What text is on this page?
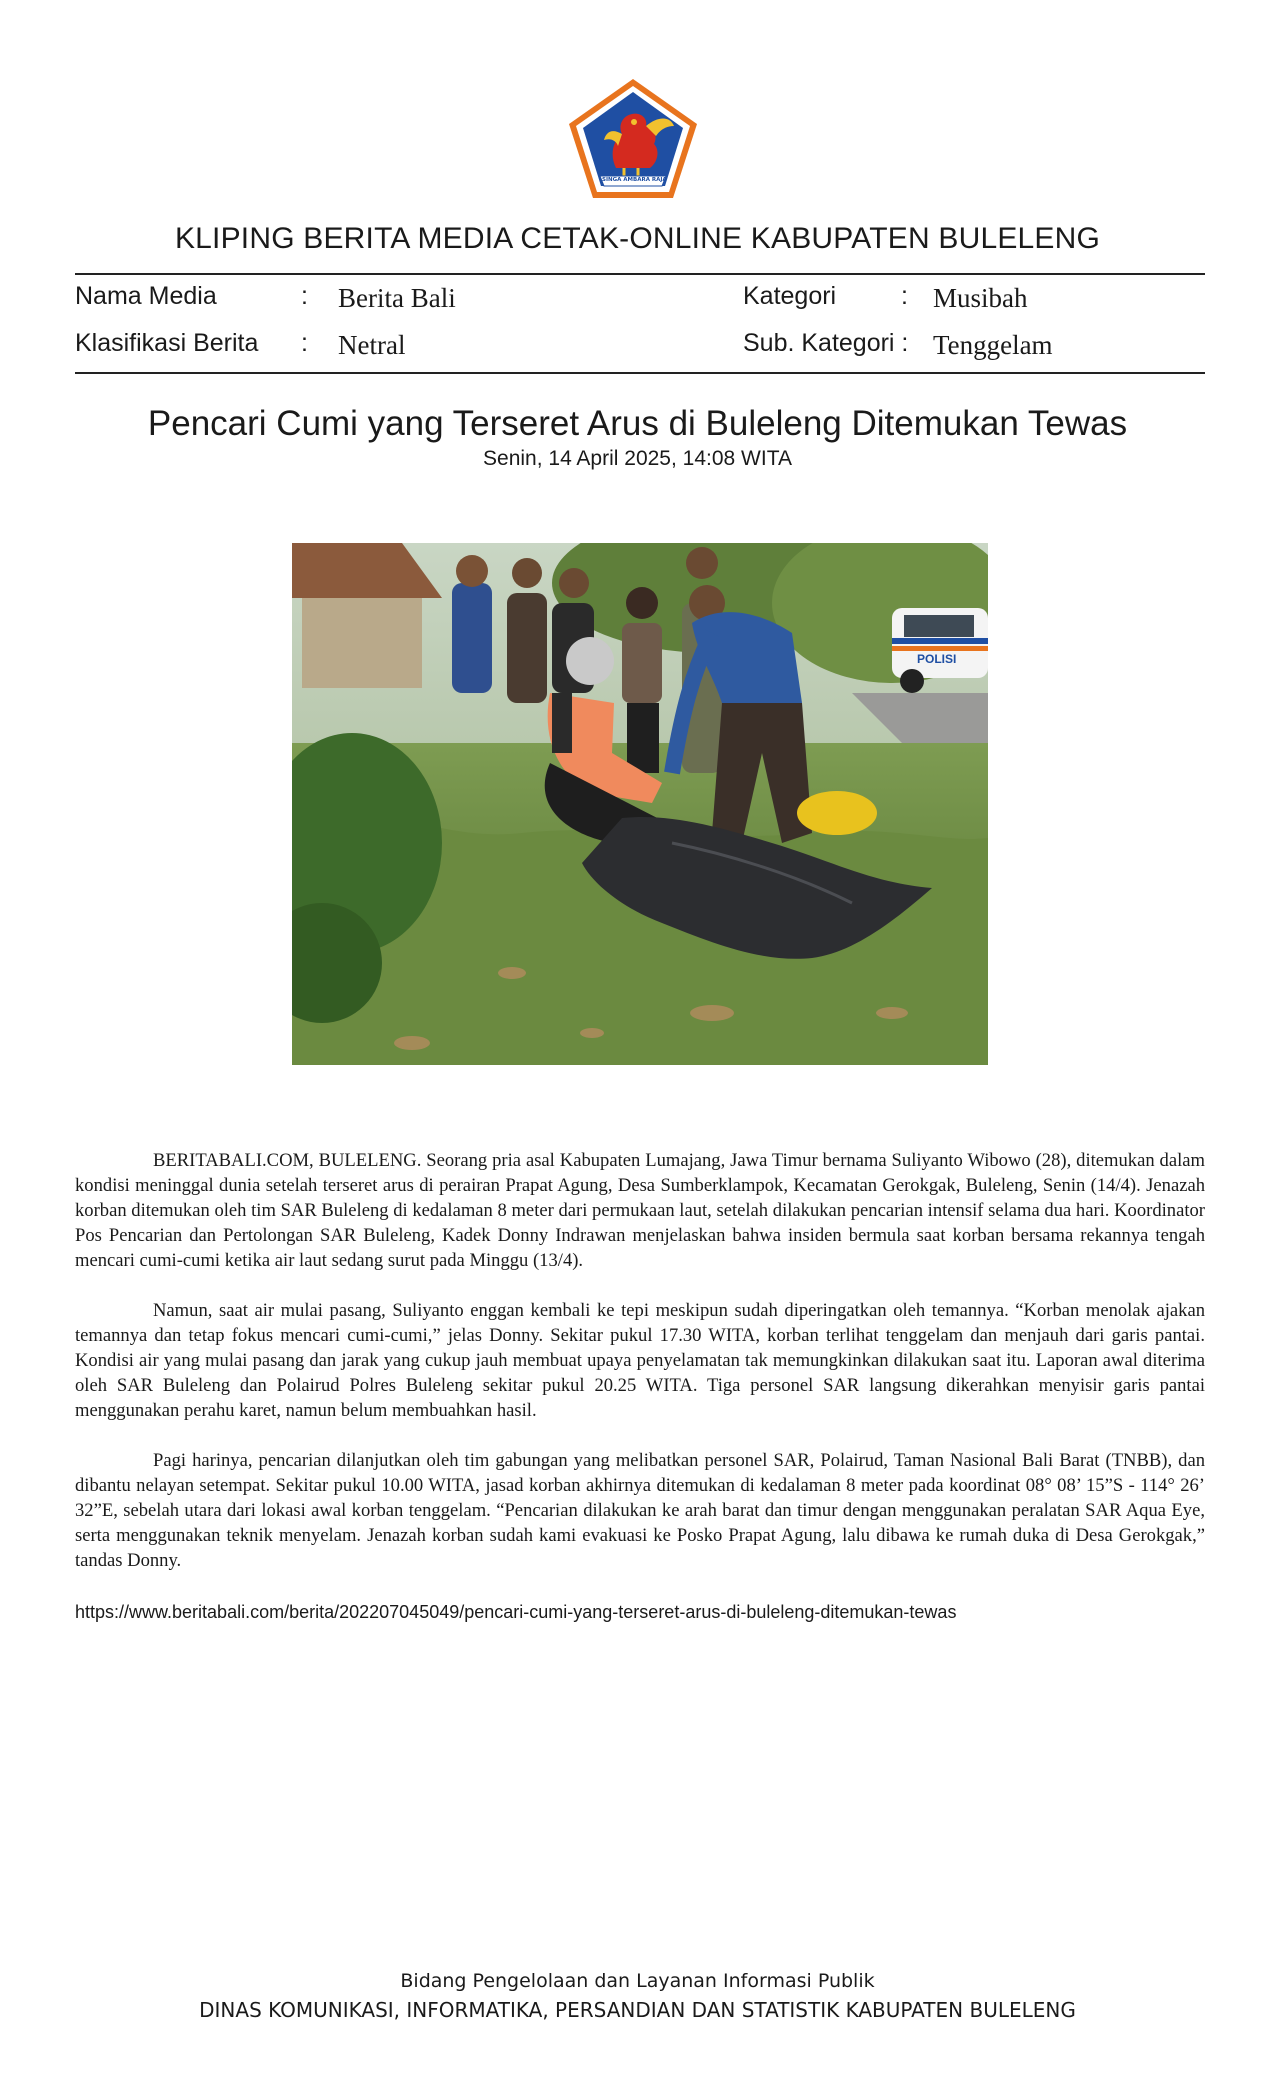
SINGA AMBARA RAJA
KLIPING BERITA MEDIA CETAK-ONLINE KABUPATEN BULELENG
Nama Media	: Berita Bali	Kategori	: Musibah
Klasifikasi Berita : Netral	Sub. Kategori : Tenggelam
Pencari Cumi yang Terseret Arus di Buleleng Ditemukan Tewas
Senin, 14 April 2025, 14:08 WITA
POLISI

BERITABALI.COM, BULELENG. Seorang pria asal Kabupaten Lumajang, Jawa Timur bernama Suliyanto Wibowo (28), ditemukan dalam kondisi meninggal dunia setelah terseret arus di perairan Prapat Agung, Desa Sumberklampok, Kecamatan Gerokgak, Buleleng, Senin (14/4). Jenazah korban ditemukan oleh tim SAR Buleleng di kedalaman 8 meter dari permukaan laut, setelah dilakukan pencarian intensif selama dua hari. Koordinator Pos Pencarian dan Pertolongan SAR Buleleng, Kadek Donny Indrawan menjelaskan bahwa insiden bermula saat korban bersama rekannya tengah mencari cumi-cumi ketika air laut sedang surut pada Minggu (13/4).

Namun, saat air mulai pasang, Suliyanto enggan kembali ke tepi meskipun sudah diperingatkan oleh temannya. “Korban menolak ajakan temannya dan tetap fokus mencari cumi-cumi,” jelas Donny. Sekitar pukul 17.30 WITA, korban terlihat tenggelam dan menjauh dari garis pantai. Kondisi air yang mulai pasang dan jarak yang cukup jauh membuat upaya penyelamatan tak memungkinkan dilakukan saat itu. Laporan awal diterima oleh SAR Buleleng dan Polairud Polres Buleleng sekitar pukul 20.25 WITA. Tiga personel SAR langsung dikerahkan menyisir garis pantai menggunakan perahu karet, namun belum membuahkan hasil.

Pagi harinya, pencarian dilanjutkan oleh tim gabungan yang melibatkan personel SAR, Polairud, Taman Nasional Bali Barat (TNBB), dan dibantu nelayan setempat. Sekitar pukul 10.00 WITA, jasad korban akhirnya ditemukan di kedalaman 8 meter pada koordinat 08° 08’ 15”S - 114° 26’ 32”E, sebelah utara dari lokasi awal korban tenggelam. “Pencarian dilakukan ke arah barat dan timur dengan menggunakan peralatan SAR Aqua Eye, serta menggunakan teknik menyelam. Jenazah korban sudah kami evakuasi ke Posko Prapat Agung, lalu dibawa ke rumah duka di Desa Gerokgak,” tandas Donny.

https://www.beritabali.com/berita/202207045049/pencari-cumi-yang-terseret-arus-di-buleleng-ditemukan-tewas
Bidang Pengelolaan dan Layanan Informasi Publik
DINAS KOMUNIKASI, INFORMATIKA, PERSANDIAN DAN STATISTIK KABUPATEN BULELENG
